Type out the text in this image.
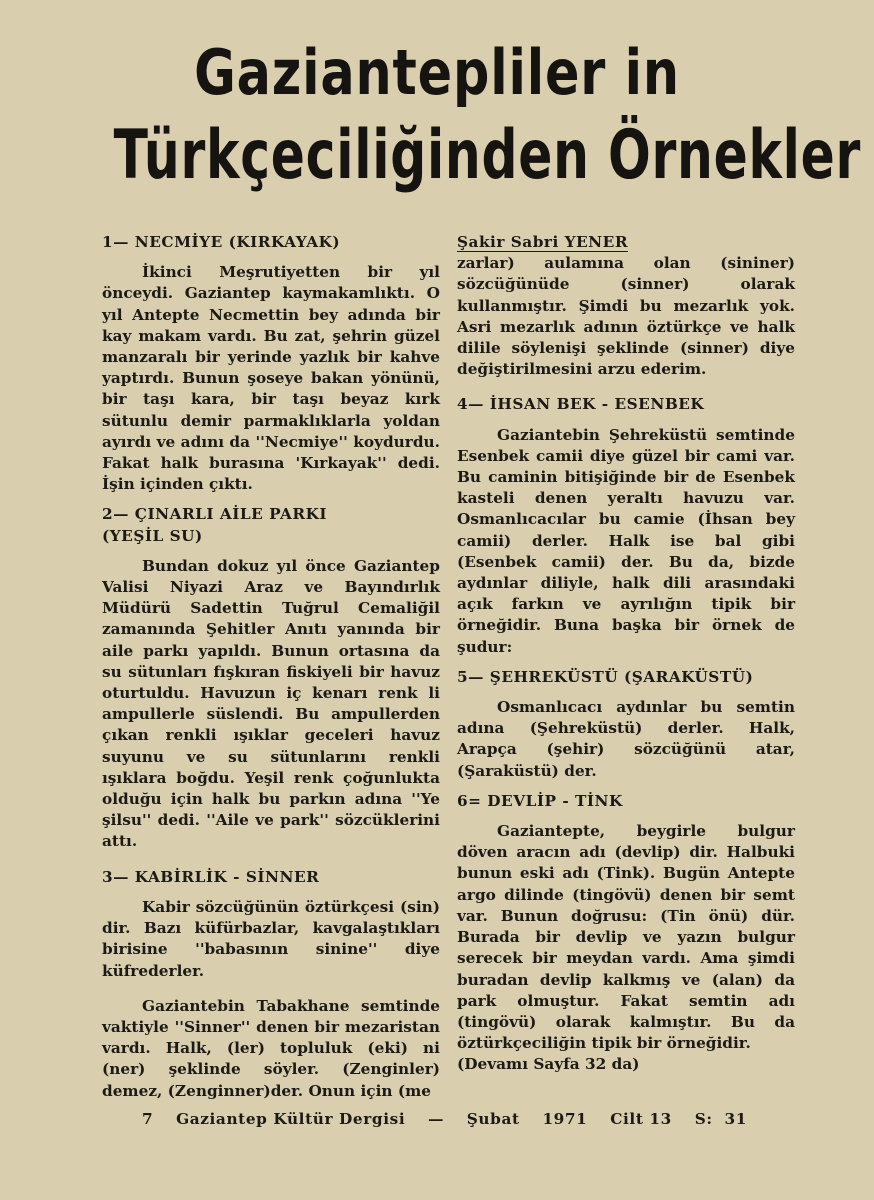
Gaziantepliler in
Türkçeciliğinden Örnekler

1— NECMİYE (KIRKAYAK)

İkinci Meşrutiyetten bir yıl önceydi. Gaziantep kaymakamlıktı. O yıl Antepte Necmettin bey adında bir kay makam vardı. Bu zat, şehrin güzel manzaralı bir yerinde yazlık bir kahve yaptırdı. Bunun şoseye bakan yönünü, bir taşı kara, bir taşı beyaz kırk sütunlu demir parmaklıklarla yoldan ayırdı ve adını da ''Necmiye'' koydurdu. Fakat halk burasına 'Kırkayak'' dedi. İşin içinden çıktı.

2— ÇINARLI AİLE PARKI

(YEŞİL SU)

Bundan dokuz yıl önce Gaziantep Valisi Niyazi Araz ve Bayındırlık Müdürü Sadettin Tuğrul Cemaliğil zamanında Şehitler Anıtı yanında bir aile parkı yapıldı. Bunun ortasına da su sütunları fışkıran fiskiyeli bir havuz oturtuldu. Havuzun iç kenarı renk li ampullerle süslendi. Bu ampullerden çıkan renkli ışıklar geceleri havuz suyunu ve su sütunlarını renkli ışıklara boğdu. Yeşil renk çoğunlukta olduğu için halk bu parkın adına ''Ye şilsu'' dedi. ''Aile ve park'' sözcüklerini attı.

3— KABİRLİK - SİNNER

Kabir sözcüğünün öztürkçesi (sin) dir. Bazı küfürbazlar, kavgalaştıkları birisine ''babasının sinine'' diye küfrederler.

Gaziantebin Tabakhane semtinde vaktiyle ''Sinner'' denen bir mezaristan vardı. Halk, (ler) topluluk (eki) ni (ner) şeklinde söyler. (Zenginler) demez, (Zenginner)der. Onun için (me

Şakir Sabri YENER

zarlar) aulamına olan (sininer) sözcüğünüde (sinner) olarak kullanmıştır. Şimdi bu mezarlık yok. Asri mezarlık adının öztürkçe ve halk dilile söylenişi şeklinde (sinner) diye değiştirilmesini arzu ederim.

4— İHSAN BEK - ESENBEK

Gaziantebin Şehreküstü semtinde Esenbek camii diye güzel bir cami var. Bu caminin bitişiğinde bir de Esenbek kasteli denen yeraltı havuzu var. Osmanlıcacılar bu camie (İhsan bey camii) derler. Halk ise bal gibi (Esenbek camii) der. Bu da, bizde aydınlar diliyle, halk dili arasındaki açık farkın ve ayrılığın tipik bir örneğidir. Buna başka bir örnek de şudur:

5— ŞEHREKÜSTÜ (ŞARAKÜSTÜ)

Osmanlıcacı aydınlar bu semtin adına (Şehreküstü) derler. Halk, Arapça (şehir) sözcüğünü atar, (Şaraküstü) der.

6= DEVLİP - TİNK

Gaziantepte, beygirle bulgur döven aracın adı (devlip) dir. Halbuki bunun eski adı (Tink). Bugün Antepte argo dilinde (tingövü) denen bir semt var. Bunun doğrusu: (Tin önü) dür. Burada bir devlip ve yazın bulgur serecek bir meydan vardı. Ama şimdi buradan devlip kalkmış ve (alan) da park olmuştur. Fakat semtin adı (tingövü) olarak kalmıştır. Bu da öztürkçeciliğin tipik bir örneğidir.

(Devamı Sayfa 32 da)

7 Gaziantep Kültür Dergisi — Şubat 1971 Cilt 13 S:  31
